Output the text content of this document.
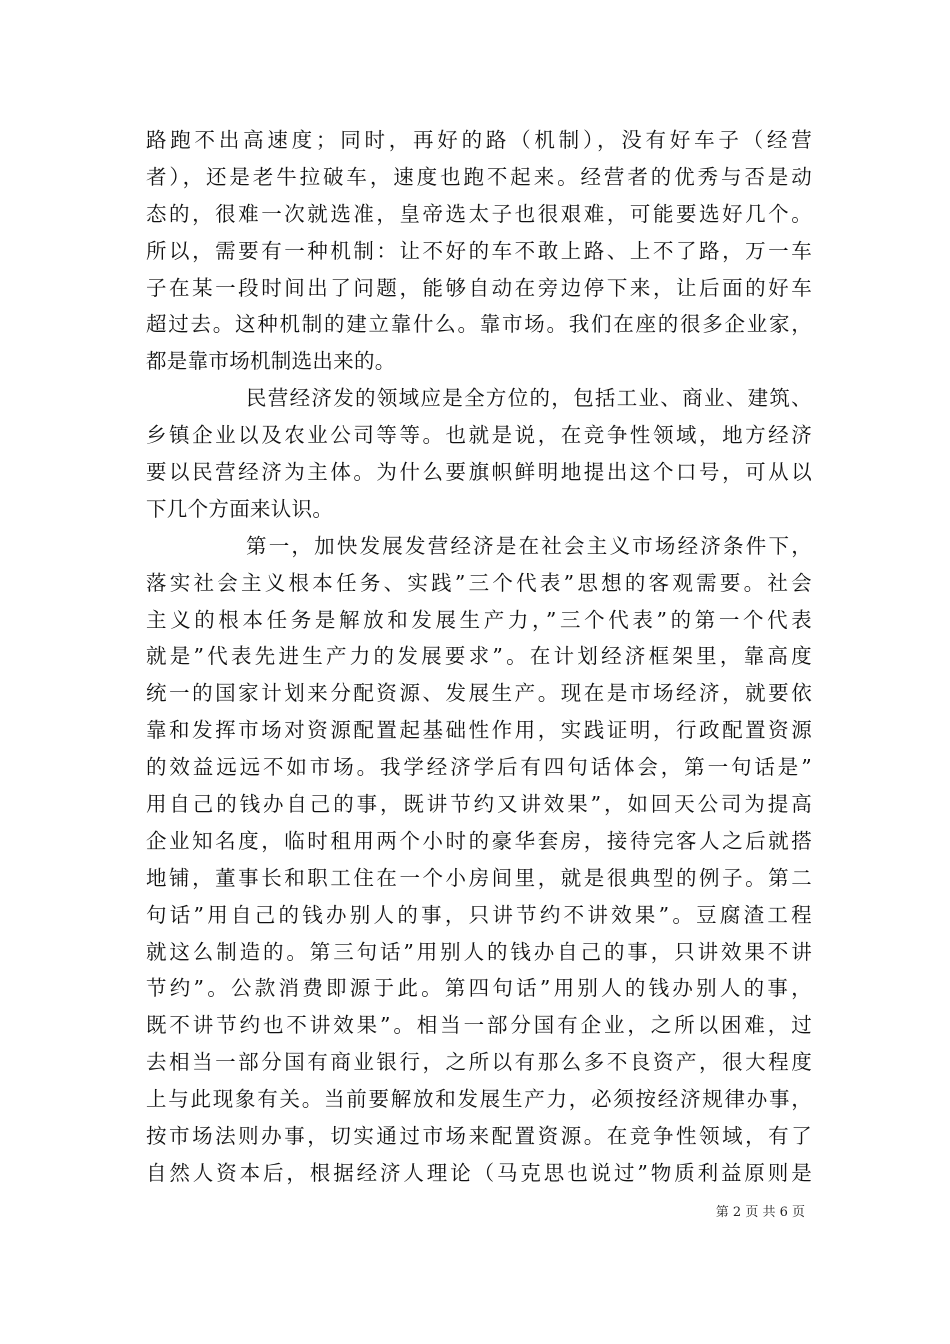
路跑不出高速度；同时，再好的路（机制），没有好车子（经营
者），还是老牛拉破车，速度也跑不起来。经营者的优秀与否是动
态的，很难一次就选准，皇帝选太子也很艰难，可能要选好几个。
所以，需要有一种机制：让不好的车不敢上路、上不了路，万一车
子在某一段时间出了问题，能够自动在旁边停下来，让后面的好车
超过去。这种机制的建立靠什么。靠市场。我们在座的很多企业家，
都是靠市场机制选出来的。
民营经济发的领域应是全方位的，包括工业、商业、建筑、
乡镇企业以及农业公司等等。也就是说，在竞争性领域，地方经济
要以民营经济为主体。为什么要旗帜鲜明地提出这个口号，可从以
下几个方面来认识。
第一，加快发展发营经济是在社会主义市场经济条件下，
落实社会主义根本任务、实践”三个代表”思想的客观需要。社会
主义的根本任务是解放和发展生产力，”三个代表”的第一个代表
就是”代表先进生产力的发展要求”。在计划经济框架里，靠高度
统一的国家计划来分配资源、发展生产。现在是市场经济，就要依
靠和发挥市场对资源配置起基础性作用，实践证明，行政配置资源
的效益远远不如市场。我学经济学后有四句话体会，第一句话是”
用自己的钱办自己的事，既讲节约又讲效果”，如回天公司为提高
企业知名度，临时租用两个小时的豪华套房，接待完客人之后就搭
地铺，董事长和职工住在一个小房间里，就是很典型的例子。第二
句话”用自己的钱办别人的事，只讲节约不讲效果”。豆腐渣工程
就这么制造的。第三句话”用别人的钱办自己的事，只讲效果不讲
节约”。公款消费即源于此。第四句话”用别人的钱办别人的事，
既不讲节约也不讲效果”。相当一部分国有企业，之所以困难，过
去相当一部分国有商业银行，之所以有那么多不良资产，很大程度
上与此现象有关。当前要解放和发展生产力，必须按经济规律办事，
按市场法则办事，切实通过市场来配置资源。在竞争性领域，有了
自然人资本后，根据经济人理论（马克思也说过”物质利益原则是
第 2 页 共 6 页
